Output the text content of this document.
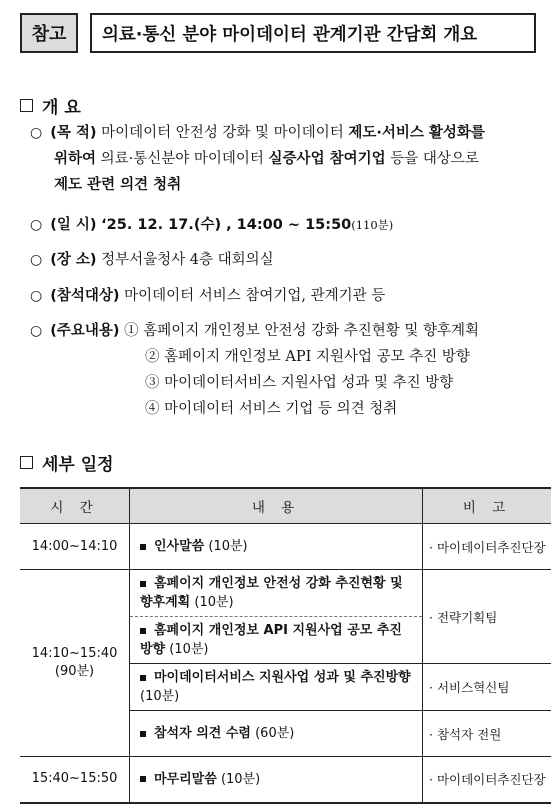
참고	의료·통신 분야 마이데이터 관계기관 간담회 개요
개 요
○ (목 적) 마이데이터 안전성 강화 및 마이데이터 제도·서비스 활성화를
위하여 의료·통신분야 마이데이터 실증사업 참여기업 등을 대상으로
제도 관련 의견 청취
○ (일 시) ‘25. 12. 17.(수) , 14:00 ~ 15:50(110분)
○ (장 소) 정부서울청사 4층 대회의실
○ (참석대상) 마이데이터 서비스 참여기업, 관계기관 등
○ (주요내용) ① 홈페이지 개인정보 안전성 강화 추진현황 및 향후계획
② 홈페이지 개인정보 API 지원사업 공모 추진 방향
③ 마이데이터서비스 지원사업 성과 및 추진 방향
④ 마이데이터 서비스 기업 등 의견 청취
세부 일정
시 간	내 용	비 고
14:00~14:10	인사말씀 (10분)	· 마이데이터추진단장

14:10~15:40
(90분)	홈페이지 개인정보 안전성 강화 추진현황 및 향후계획 (10분)	· 전략기획팀
	홈페이지 개인정보 API 지원사업 공모 추진 방향 (10분)	
	마이데이터서비스 지원사업 성과 및 추진방향 (10분)	· 서비스혁신팀
	참석자 의견 수렴 (60분)	· 참석자 전원
15:40~15:50	마무리말씀 (10분)	· 마이데이터추진단장
